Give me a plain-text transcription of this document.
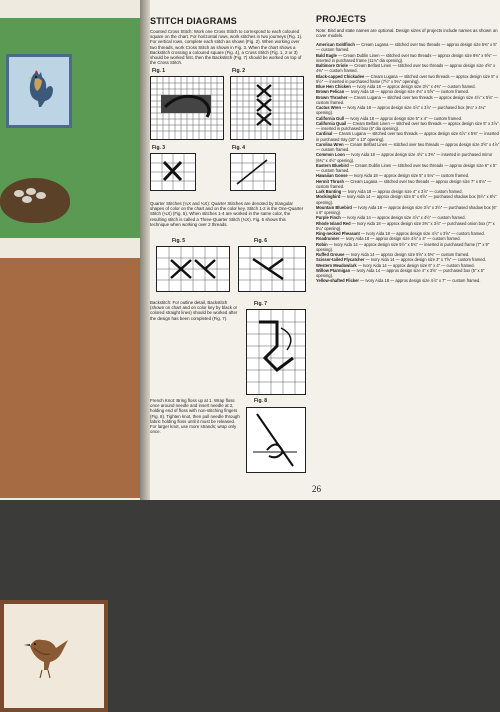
STITCH DIAGRAMS

Counted Cross Stitch: Work one Cross Stitch to correspond to each coloured square on the chart. For horizontal rows, work stitches in two journeys (Fig. 1). For vertical rows, complete each stitch as shown (Fig. 2). When working over two threads, work Cross Stitch as shown in Fig. 3. When the chart shows a Backstitch crossing a coloured square (Fig. 4), a Cross Stitch (Fig. 1, 2 or 3) should be worked first, then the Backstitch (Fig. 7) should be worked on top of the Cross Stitch.

Fig. 1	Fig. 2
Fig. 3	Fig. 4

Quarter Stitches (¼X and ¾X): Quarter Stitches are denoted by triangular shapes of color on the chart and on the color key. Stitch 1-2 is the One-Quarter Stitch (¼X) (Fig. 5). When stitches 1-4 are worked in the same color, the resulting stitch is called a Three-Quarter Stitch (¾X). Fig. 6 shows this technique when working over 2 threads.

Fig. 5	Fig. 6

Backstitch: For outline detail, Backstitch (shown on chart and on color key by black or colored straight lines) should be worked after the design has been completed (Fig. 7).

Fig. 7

French Knot: Bring floss up at 1. Wrap floss once around needle and insert needle at 2, holding end of floss with non-stitching fingers (Fig. 8). Tighten knot, then pull needle through fabric holding floss until it must be released. For larger knot, use more strands; wrap only once.

Fig. 8
PROJECTS

Note: Bird and state names are optional. Design sizes of projects include names as shown on cover models.

American Goldfinch — Cream Lugana — stitched over two threads — approx design size 5⅜" x 5" — custom framed.

Bald Eagle — Cream Dublin Linen — stitched over two threads — approx design size 8⅜" x 9⅝" — inserted in purchased frame (11⅛" dia opening).

Baltimore Oriole — Cream Belfast Linen — stitched over two threads — approx design size 4⅝" x 4⅜" — custom framed.

Black-capped Chickadee — Cream Lugana — stitched over two threads — approx design size 5" x 5½" — inserted in purchased frame (7½" x 9¼" opening).

Blue Hen Chicken — Ivory Aida 18 — approx design size 3½" x 4⅜" — custom framed.

Brown Pelican — Ivory Aida 18 — approx design size 4⅛" x 5⅝" — custom framed.

Brown Thrasher — Cream Lugana — stitched over two threads — approx design size 4½" x 5⅝" — custom framed.

Cactus Wren — Ivory Aida 18 — approx design size 4⅞" x 3⅞" — purchased box (6¼" x 4¼" opening).

California Gull — Ivory Aida 18 — approx design size 5" x 4" — custom framed.

California Quail — Cream Belfast Linen — stitched over two threads — approx design size 5" x 3⅞" — inserted in purchased box (6" dia opening).

Cardinal — Cream Lugana — stitched over two threads — approx design size 6⅞" x 5⅜" — inserted in purchased tray (10" x 13" opening).

Carolina Wren — Cream Belfast Linen — stitched over two threads — approx design size 3⅝" x 4⅞" — custom framed.

Common Loon — Ivory Aida 18 — approx design size 4½" x 3⅜" — inserted in purchased mirror (6¾" x 4½" opening).

Eastern Bluebird — Cream Dublin Linen — stitched over two threads — approx design size 6" x 5" — custom framed.

Hawaiian Goose — Ivory Aida 18 — approx design size 5" x 5⅛" — custom framed.

Hermit Thrush — Cream Lugana — stitched over two threads — approx design size 7" x 6⅛" — custom framed.

Lark Bunting — Ivory Aida 18 — approx design size 4" x 3⅞" — custom framed.

Mockingbird — Ivory Aida 14 — approx design size 5" x 6⅝" — purchased shadow box (5½" x 8½" opening).

Mountain Bluebird — Ivory Aida 18 — approx design size 3⅞" x 3½" — purchased shadow box (6" x 6" opening).

Purple Finch — Ivory Aida 14 — approx design size 4⅞" x 4½" — custom framed.

Rhode Island Red — Ivory Aida 18 — approx design size 3⅜" x 3⅞" — purchased onion box (7" x 5¼" opening).

Ring-necked Pheasant — Ivory Aida 18 — approx design size 4⅞" x 3⅝" — custom framed.

Roadrunner — Ivory Aida 18 — approx design size 4⅞" x 4" — custom framed.

Robin — Ivory Aida 14 — approx design size 5½" x 5¾" — inserted in purchased frame (7" x 9" opening).

Ruffed Grouse — Ivory Aida 14 — approx design size 5⅝" x 5⅜" — custom framed.

Scissor-tailed Flycatcher — Ivory Aida 14 — approx design size 3" x 7⅝" — custom framed.

Western Meadowlark — Ivory Aida 14 — approx design size 6" x 4" — custom framed.

Willow Ptarmigan — Ivory Aida 14 — approx design size 4" x 3⅝" — purchased box (5" x 5" opening).

Yellow-shafted Flicker — Ivory Aida 18 — approx design size 4⅞" x 7" — custom framed.

26
